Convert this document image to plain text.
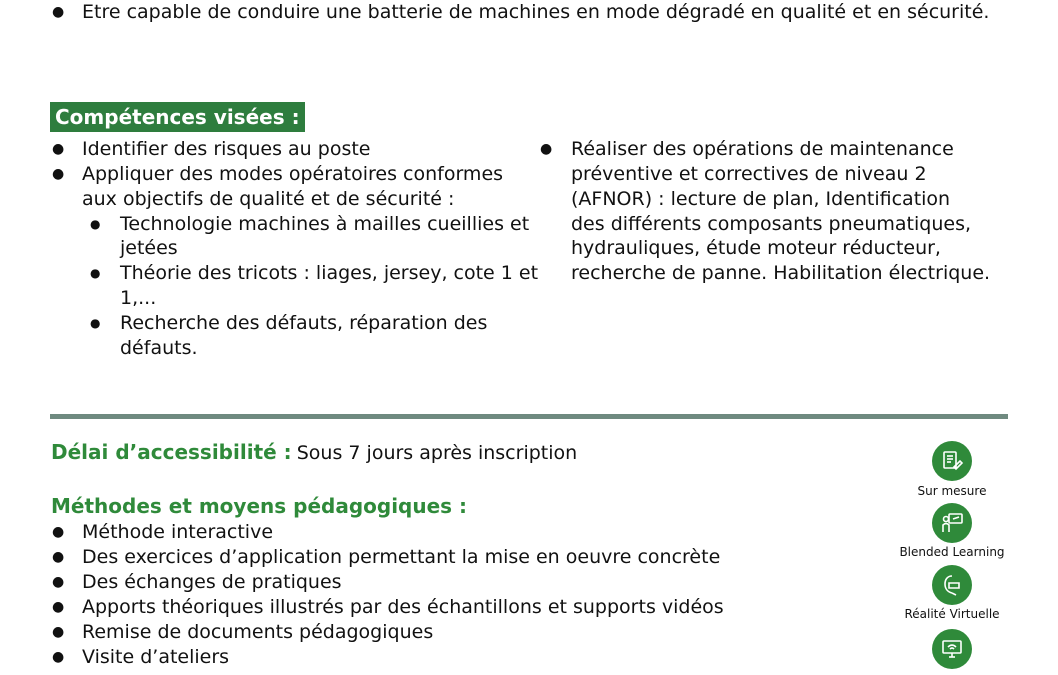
● Etre capable de conduire une batterie de machines en mode dégradé en qualité et en sécurité.
Compétences visées :
● Identifier des risques au poste
● Appliquer des modes opératoires conformes
aux objectifs de qualité et de sécurité :
● Technologie machines à mailles cueillies et
jetées
● Théorie des tricots : liages, jersey, cote 1 et
1,...
● Recherche des défauts, réparation des
défauts.
● Réaliser des opérations de maintenance
préventive et correctives de niveau 2
(AFNOR) : lecture de plan, Identification
des différents composants pneumatiques,
hydrauliques, étude moteur réducteur,
recherche de panne. Habilitation électrique.
Délai d’accessibilité : Sous 7 jours après inscription
Méthodes et moyens pédagogiques :
● Méthode interactive
● Des exercices d’application permettant la mise en oeuvre concrète
● Des échanges de pratiques
● Apports théoriques illustrés par des échantillons et supports vidéos
● Remise de documents pédagogiques
● Visite d’ateliers
Sur mesure
Blended Learning
Réalité Virtuelle
